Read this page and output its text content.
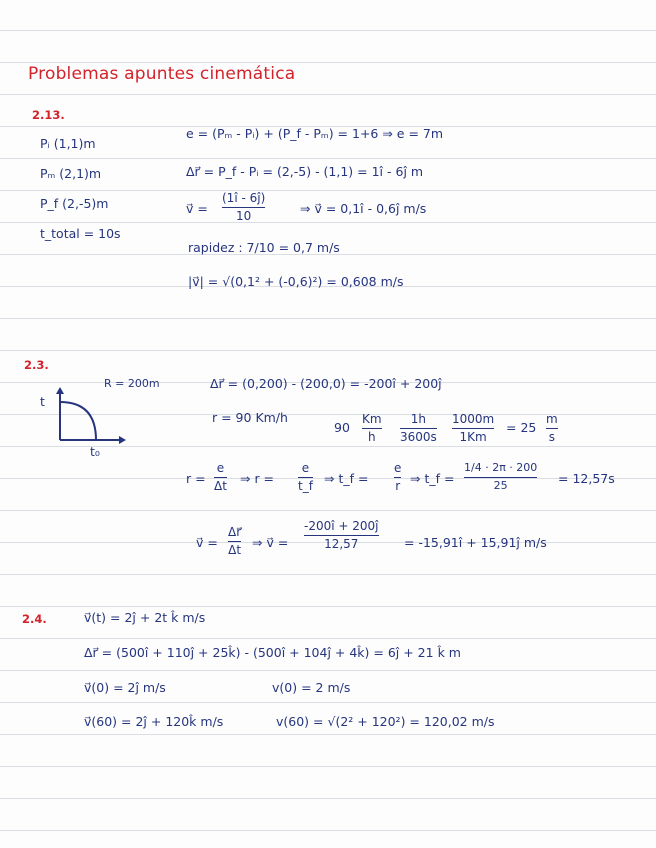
Problemas apuntes cinemática
2.13.
Pᵢ (1,1)m
Pₘ (2,1)m
P_f (2,-5)m
t_total = 10s
e = (Pₘ - Pᵢ) + (P_f - Pₘ) = 1+6 ⇒ e = 7m
Δr⃗ = P_f - Pᵢ = (2,-5) - (1,1) = 1î - 6ĵ m
v⃗ =
(1î - 6ĵ)
10	⇒ v⃗ = 0,1î - 0,6ĵ m/s
rapidez : 7/10 = 0,7 m/s
|v⃗| = √(0,1² + (-0,6)²) = 0,608 m/s
2.3.
R = 200m
t
t₀
Δr⃗ = (0,200) - (200,0) = -200î + 200ĵ
r = 90 Km/h
90
Km
h
1h
3600s
1000m
1Km
= 25
m
s
r =
e
Δt ⇒ r =
e
t_f ⇒ t_f =
e
r ⇒ t_f =
1/4 · 2π · 200
25	= 12,57s
v⃗ =
Δr⃗
Δt ⇒ v⃗ =
-200î + 200ĵ
12,57	= -15,91î + 15,91ĵ m/s
2.4.	v⃗(t) = 2ĵ + 2t k̂ m/s
Δr⃗ = (500î + 110ĵ + 25k̂) - (500î + 104ĵ + 4k̂) = 6ĵ + 21 k̂ m
v⃗(0) = 2ĵ m/s	v(0) = 2 m/s
v⃗(60) = 2ĵ + 120k̂ m/s	v(60) = √(2² + 120²) = 120,02 m/s
